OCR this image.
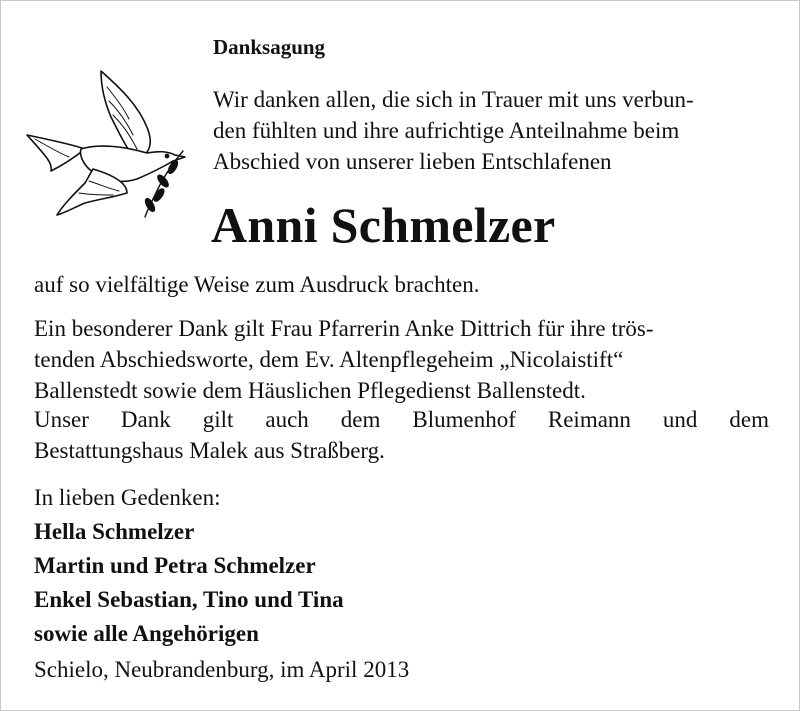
Danksagung
Wir danken allen, die sich in Trauer mit uns verbun-
den fühlten und ihre aufrichtige Anteilnahme beim
Abschied von unserer lieben Entschlafenen
Anni Schmelzer
auf so vielfältige Weise zum Ausdruck brachten.
Ein besonderer Dank gilt Frau Pfarrerin Anke Dittrich für ihre trös-
tenden Abschiedsworte, dem Ev. Altenpflegeheim „Nicolaistift“
Ballenstedt sowie dem Häuslichen Pflegedienst Ballenstedt.
Unser Dank gilt auch dem Blumenhof Reimann und dem
Bestattungshaus Malek aus Straßberg.
In lieben Gedenken:
Hella Schmelzer
Martin und Petra Schmelzer
Enkel Sebastian, Tino und Tina
sowie alle Angehörigen
Schielo, Neubrandenburg, im April 2013
